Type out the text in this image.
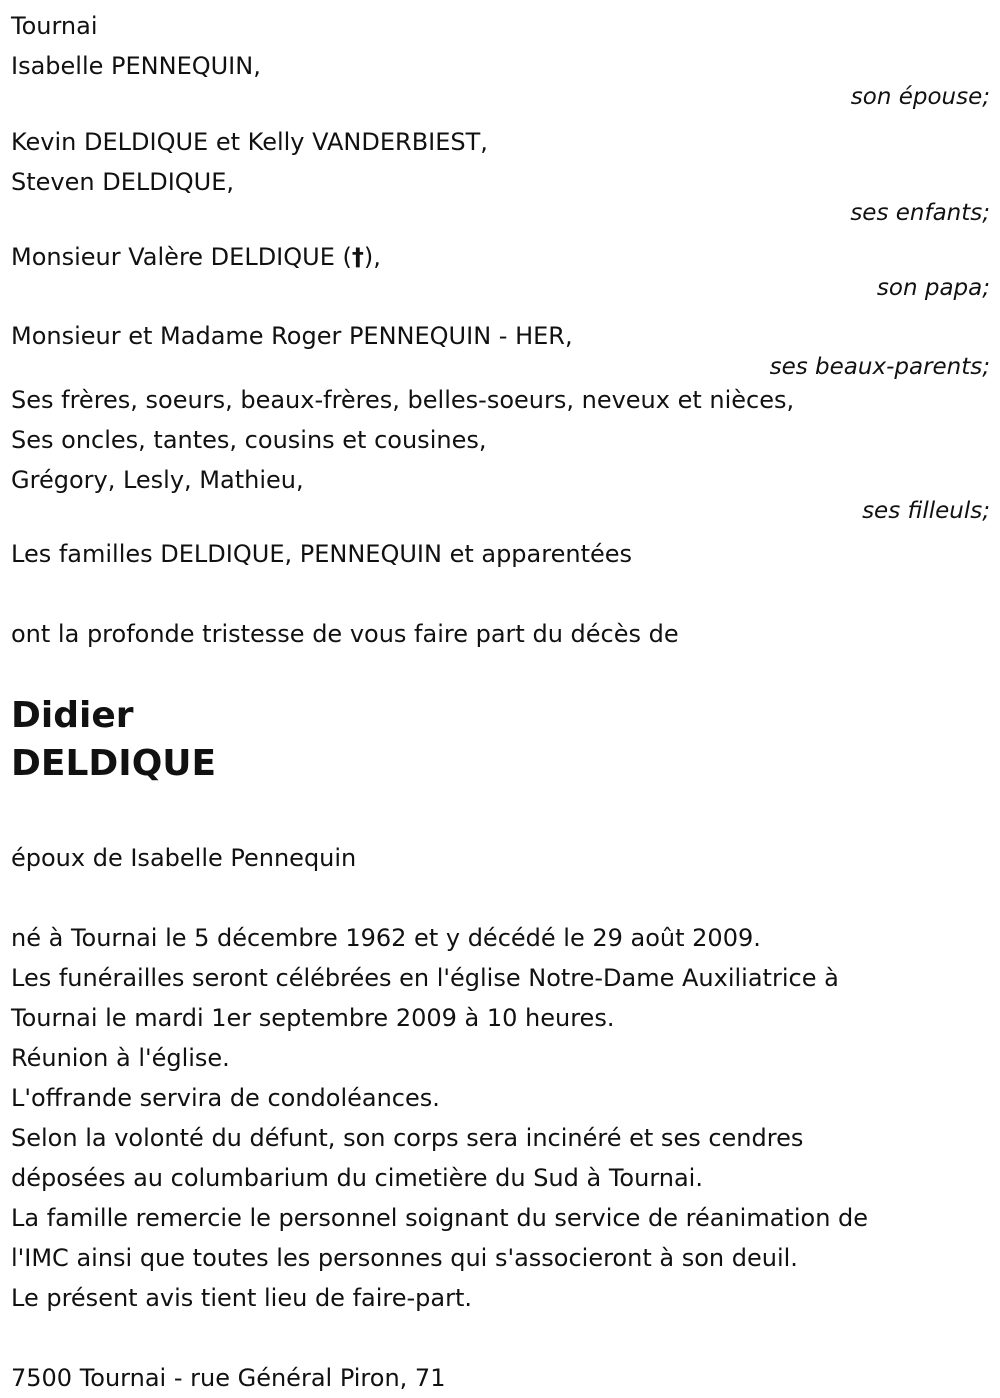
Tournai
Isabelle PENNEQUIN,
son épouse;
Kevin DELDIQUE et Kelly VANDERBIEST,
Steven DELDIQUE,
ses enfants;
Monsieur Valère DELDIQUE (†),
son papa;
Monsieur et Madame Roger PENNEQUIN - HER,
ses beaux-parents;
Ses frères, soeurs, beaux-frères, belles-soeurs, neveux et nièces,
Ses oncles, tantes, cousins et cousines,
Grégory, Lesly, Mathieu,
ses filleuls;
Les familles DELDIQUE, PENNEQUIN et apparentées
ont la profonde tristesse de vous faire part du décès de
Didier
DELDIQUE
époux de Isabelle Pennequin
né à Tournai le 5 décembre 1962 et y décédé le 29 août 2009.
Les funérailles seront célébrées en l'église Notre-Dame Auxiliatrice à
Tournai le mardi 1er septembre 2009 à 10 heures.
Réunion à l'église.
L'offrande servira de condoléances.
Selon la volonté du défunt, son corps sera incinéré et ses cendres
déposées au columbarium du cimetière du Sud à Tournai.
La famille remercie le personnel soignant du service de réanimation de
l'IMC ainsi que toutes les personnes qui s'associeront à son deuil.
Le présent avis tient lieu de faire-part.
7500 Tournai - rue Général Piron, 71
